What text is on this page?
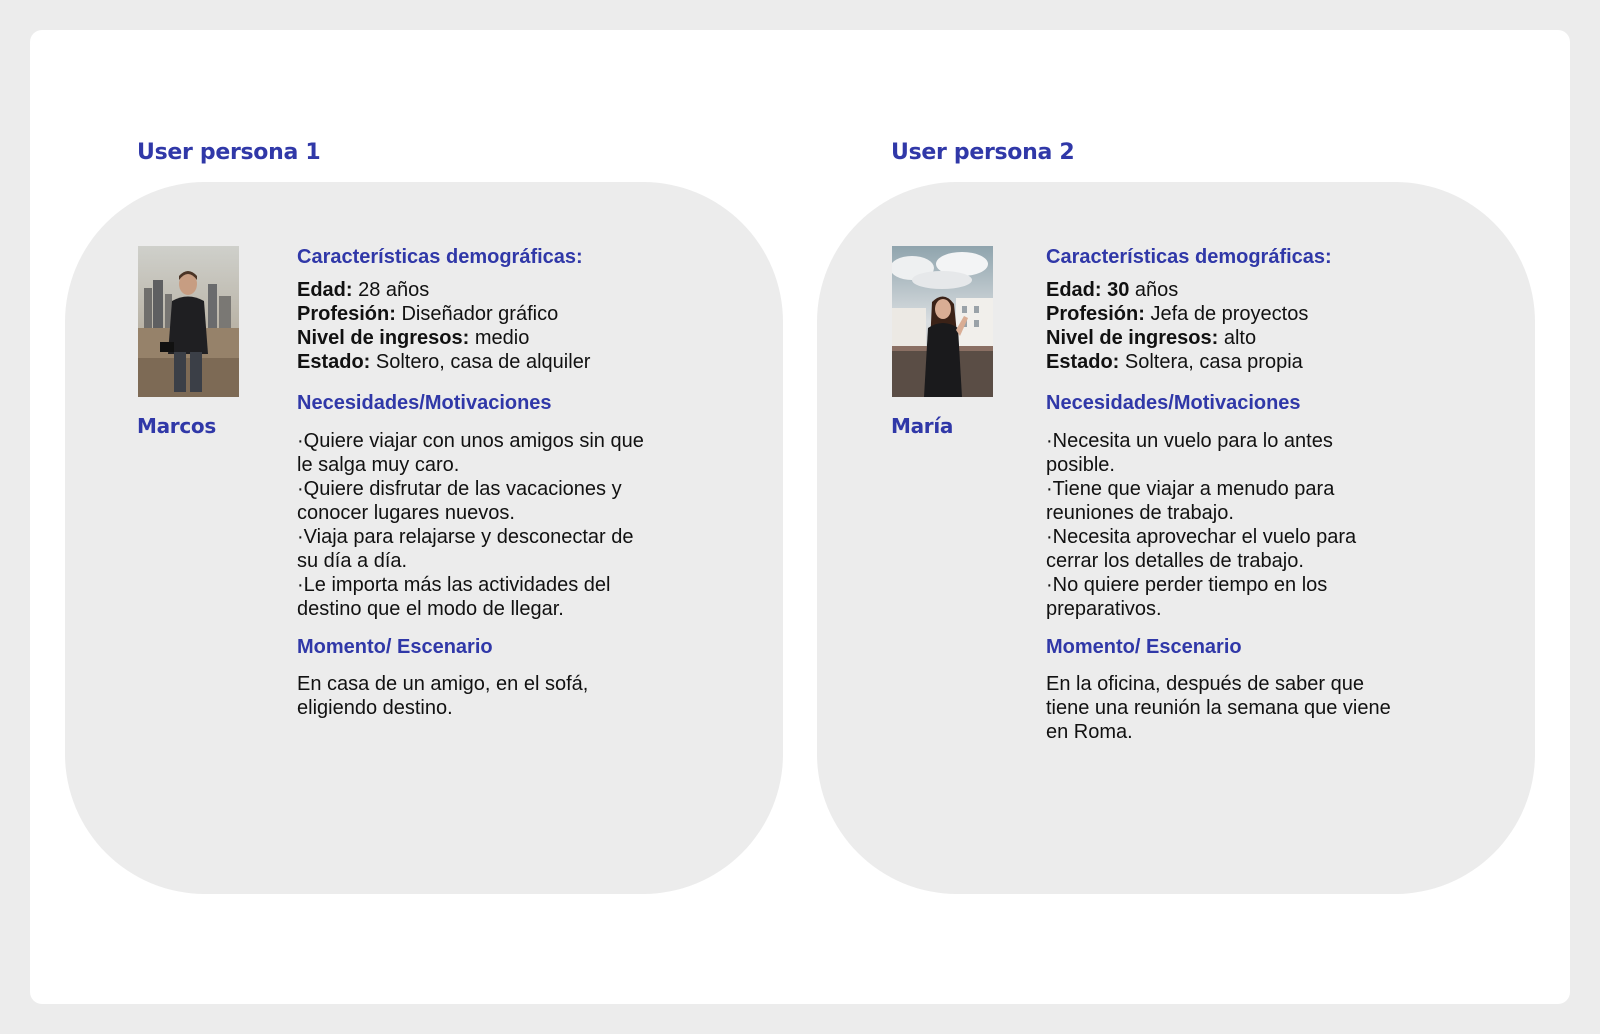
User persona 1

Marcos

Características demográficas:
Edad: 28 años
Profesión: Diseñador gráfico
Nivel de ingresos: medio
Estado: Soltero, casa de alquiler
Necesidades/Motivaciones

·Quiere viajar con unos amigos sin que le salga muy caro.

·Quiere disfrutar de las vacaciones y conocer lugares nuevos.

·Viaja para relajarse y desconectar de su día a día.

·Le importa más las actividades del destino que el modo de llegar.

Momento/ Escenario

En casa de un amigo, en el sofá, eligiendo destino.

User persona 2

María

Características demográficas:
Edad: 30 años
Profesión: Jefa de proyectos
Nivel de ingresos: alto
Estado: Soltera, casa propia
Necesidades/Motivaciones

·Necesita un vuelo para lo antes posible.

·Tiene que viajar a menudo para reuniones de trabajo.

·Necesita aprovechar el vuelo para cerrar los detalles de trabajo.

·No quiere perder tiempo en los preparativos.

Momento/ Escenario

En la oficina, después de saber que tiene una reunión la semana que viene en Roma.
